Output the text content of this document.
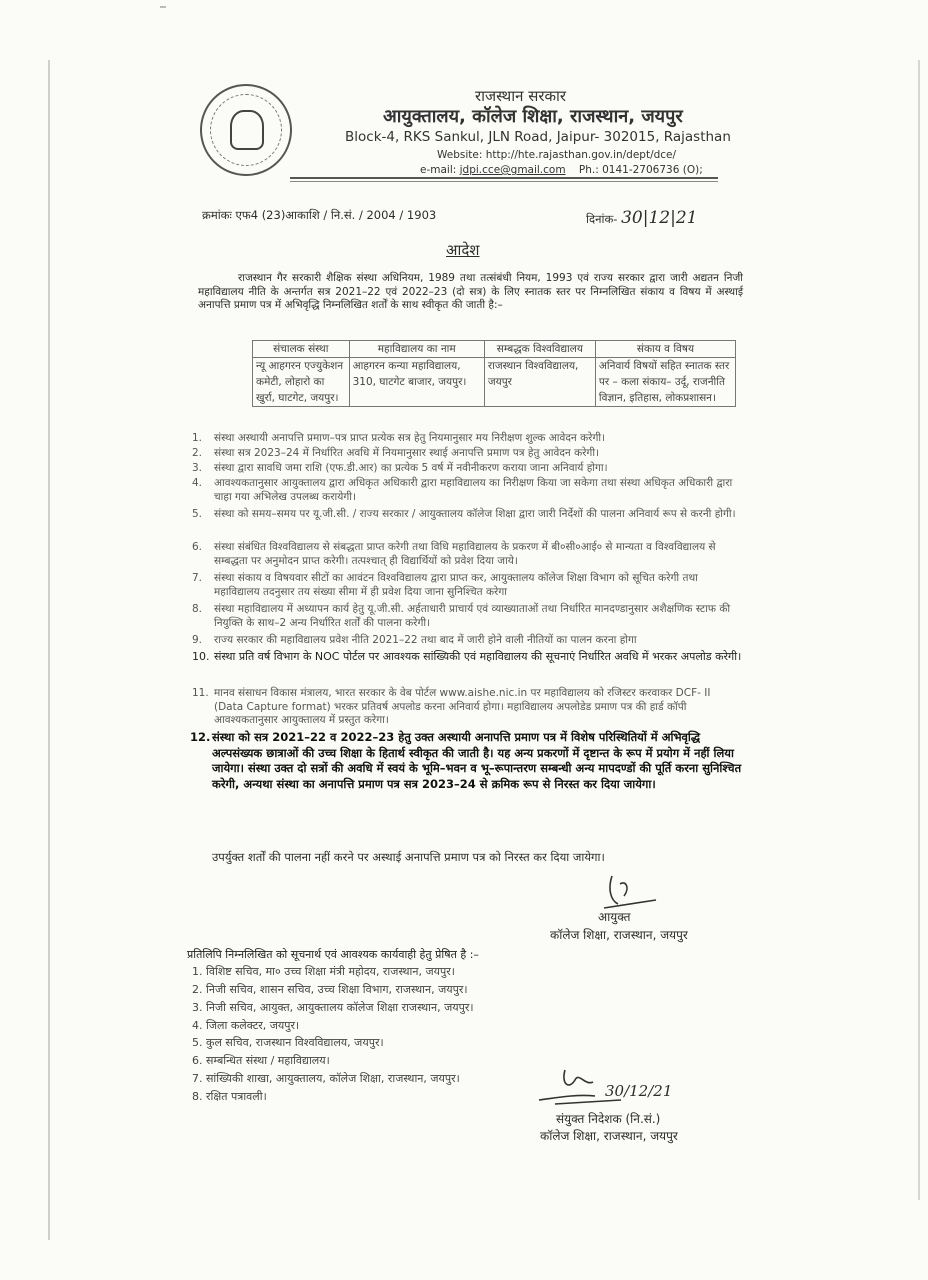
राजस्थान सरकार
आयुक्तालय, कॉलेज शिक्षा, राजस्थान, जयपुर
Block-4, RKS Sankul, JLN Road, Jaipur- 302015, Rajasthan
Website: http://hte.rajasthan.gov.in/dept/dce/
e-mail: jdpi.cce@gmail.com Ph.: 0141-2706736 (O);
क्रमांकः एफ4 (23)आकाशि / नि.सं. / 2004 / 1903	दिनांक- 30|12|21
आदेश
राजस्थान गैर सरकारी शैक्षिक संस्था अधिनियम, 1989 तथा तत्संबंधी नियम, 1993 एवं राज्य सरकार द्वारा जारी अद्यतन निजी महाविद्यालय नीति के अन्तर्गत सत्र 2021–22 एवं 2022–23 (दो सत्र) के लिए स्नातक स्तर पर निम्नलिखित संकाय व विषय में अस्थाई अनापत्ति प्रमाण पत्र में अभिवृद्धि निम्नलिखित शर्तों के साथ स्वीकृत की जाती है:–
संचालक संस्था	महाविद्यालय का नाम	सम्बद्धक विश्वविद्यालय	संकाय व विषय
न्यू आहगरन एज्युकेशन कमेटी, लोहारो का खुर्रा, घाटगेट, जयपुर।	आहगरन कन्या महाविद्यालय, 310, घाटगेट बाजार, जयपुर।	राजस्थान विश्वविद्यालय, जयपुर	अनिवार्य विषयों सहित स्नातक स्तर पर – कला संकाय– उर्दू, राजनीति विज्ञान, इतिहास, लोकप्रशासन।
1. संस्था अस्थायी अनापत्ति प्रमाण–पत्र प्राप्त प्रत्येक सत्र हेतु नियमानुसार मय निरीक्षण शुल्क आवेदन करेगी।
2. संस्था सत्र 2023–24 में निर्धारित अवधि में नियमानुसार स्थाई अनापत्ति प्रमाण पत्र हेतु आवेदन करेगी।
3. संस्था द्वारा सावधि जमा राशि (एफ.डी.आर) का प्रत्येक 5 वर्ष में नवीनीकरण कराया जाना अनिवार्य होगा।
4. आवश्यकतानुसार आयुक्तालय द्वारा अधिकृत अधिकारी द्वारा महाविद्यालय का निरीक्षण किया जा सकेगा तथा संस्था अधिकृत अधिकारी द्वारा चाहा गया अभिलेख उपलब्ध करायेगी।
5. संस्था को समय–समय पर यू.जी.सी. / राज्य सरकार / आयुक्तालय कॉलेज शिक्षा द्वारा जारी निर्देशों की पालना अनिवार्य रूप से करनी होगी।
6. संस्था संबंधित विश्वविद्यालय से संबद्धता प्राप्त करेगी तथा विधि महाविद्यालय के प्रकरण में बी०सी०आई० से मान्यता व विश्वविद्यालय से सम्बद्धता पर अनुमोदन प्राप्त करेगी। तत्पश्चात् ही विद्यार्थियों को प्रवेश दिया जाये।
7. संस्था संकाय व विषयवार सीटों का आवंटन विश्वविद्यालय द्वारा प्राप्त कर, आयुक्तालय कॉलेज शिक्षा विभाग को सूचित करेगी तथा महाविद्यालय तदनुसार तय संख्या सीमा में ही प्रवेश दिया जाना सुनिश्चित करेगा
8. संस्था महाविद्यालय में अध्यापन कार्य हेतु यू.जी.सी. अर्हताधारी प्राचार्य एवं व्याख्याताओं तथा निर्धारित मानदण्डानुसार अशैक्षणिक स्टाफ की नियुक्ति के साथ–2 अन्य निर्धारित शर्तों की पालना करेगी।
9. राज्य सरकार की महाविद्यालय प्रवेश नीति 2021–22 तथा बाद में जारी होने वाली नीतियों का पालन करना होगा
10. संस्था प्रति वर्ष विभाग के NOC पोर्टल पर आवश्यक सांख्यिकी एवं महाविद्यालय की सूचनाएं निर्धारित अवधि में भरकर अपलोड करेगी।
11. मानव संसाधन विकास मंत्रालय, भारत सरकार के वेब पोर्टल www.aishe.nic.in पर महाविद्यालय को रजिस्टर करवाकर DCF- II (Data Capture format) भरकर प्रतिवर्ष अपलोड करना अनिवार्य होगा। महाविद्यालय अपलोडेड प्रमाण पत्र की हार्ड कॉपी आवश्यकतानुसार आयुक्तालय में प्रस्तुत करेगा।
12. संस्था को सत्र 2021–22 व 2022–23 हेतु उक्त अस्थायी अनापत्ति प्रमाण पत्र में विशेष परिस्थितियों में अभिवृद्धि अल्पसंख्यक छात्राओं की उच्च शिक्षा के हितार्थ स्वीकृत की जाती है। यह अन्य प्रकरणों में दृष्टान्त के रूप में प्रयोग में नहीं लिया जायेगा। संस्था उक्त दो सत्रों की अवधि में स्वयं के भूमि–भवन व भू–रूपान्तरण सम्बन्धी अन्य मापदण्डों की पूर्ति करना सुनिश्चित करेगी, अन्यथा संस्था का अनापत्ति प्रमाण पत्र सत्र 2023–24 से क्रमिक रूप से निरस्त कर दिया जायेगा।
उपर्युक्त शर्तों की पालना नहीं करने पर अस्थाई अनापत्ति प्रमाण पत्र को निरस्त कर दिया जायेगा।
आयुक्त
कॉलेज शिक्षा, राजस्थान, जयपुर
प्रतिलिपि निम्नलिखित को सूचनार्थ एवं आवश्यक कार्यवाही हेतु प्रेषित है :–
1. विशिष्ट सचिव, मा० उच्च शिक्षा मंत्री महोदय, राजस्थान, जयपुर।
2. निजी सचिव, शासन सचिव, उच्च शिक्षा विभाग, राजस्थान, जयपुर।
3. निजी सचिव, आयुक्त, आयुक्तालय कॉलेज शिक्षा राजस्थान, जयपुर।
4. जिला कलेक्टर, जयपुर।
5. कुल सचिव, राजस्थान विश्वविद्यालय, जयपुर।
6. सम्बन्धित संस्था / महाविद्यालय।
7. सांख्यिकी शाखा, आयुक्तालय, कॉलेज शिक्षा, राजस्थान, जयपुर।
8. रक्षित पत्रावली।	30/12/21
संयुक्त निदेशक (नि.सं.)
कॉलेज शिक्षा, राजस्थान, जयपुर
